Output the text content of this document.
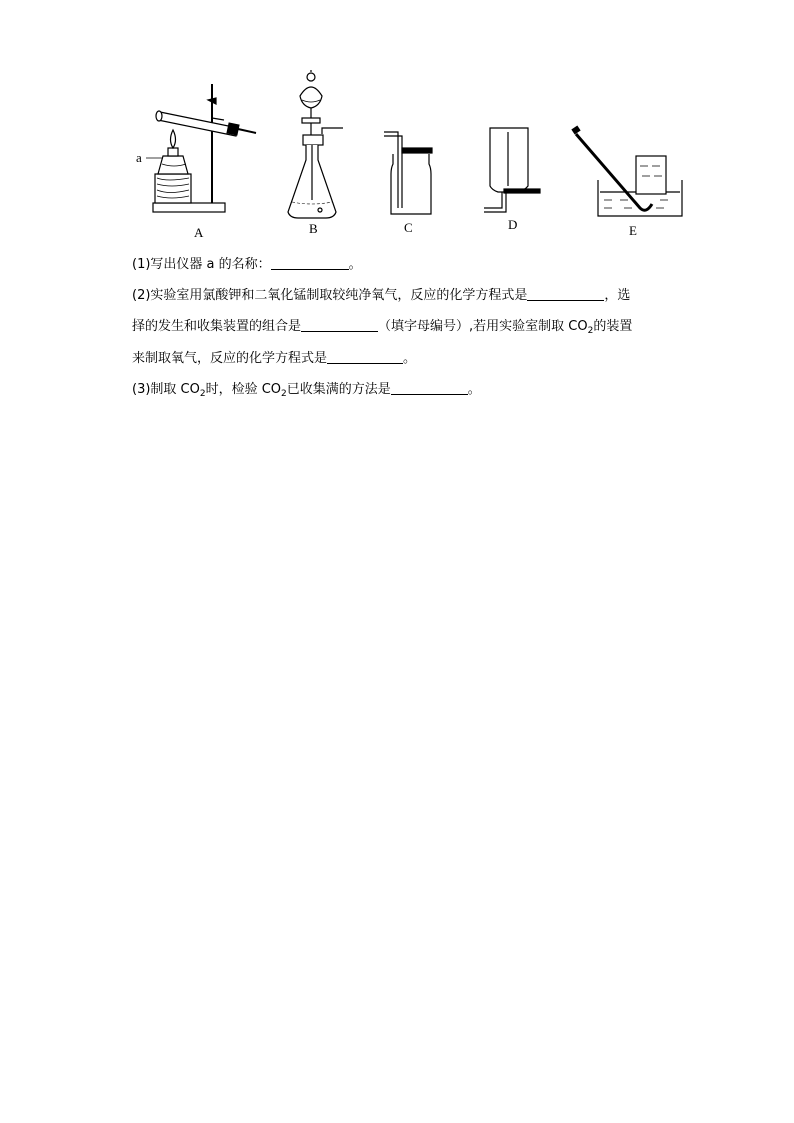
a
A	B	C	D	E
(1)写出仪器 a 的名称：	。
(2)实验室用氯酸钾和二氧化锰制取较纯净氧气，反应的化学方程式是	，选
择的发生和收集装置的组合是	（填字母编号）,若用实验室制取 $CO_2$的装置
来制取氧气，反应的化学方程式是	。
(3)制取 $CO_2$时，检验 $CO_2$已收集满的方法是	。
